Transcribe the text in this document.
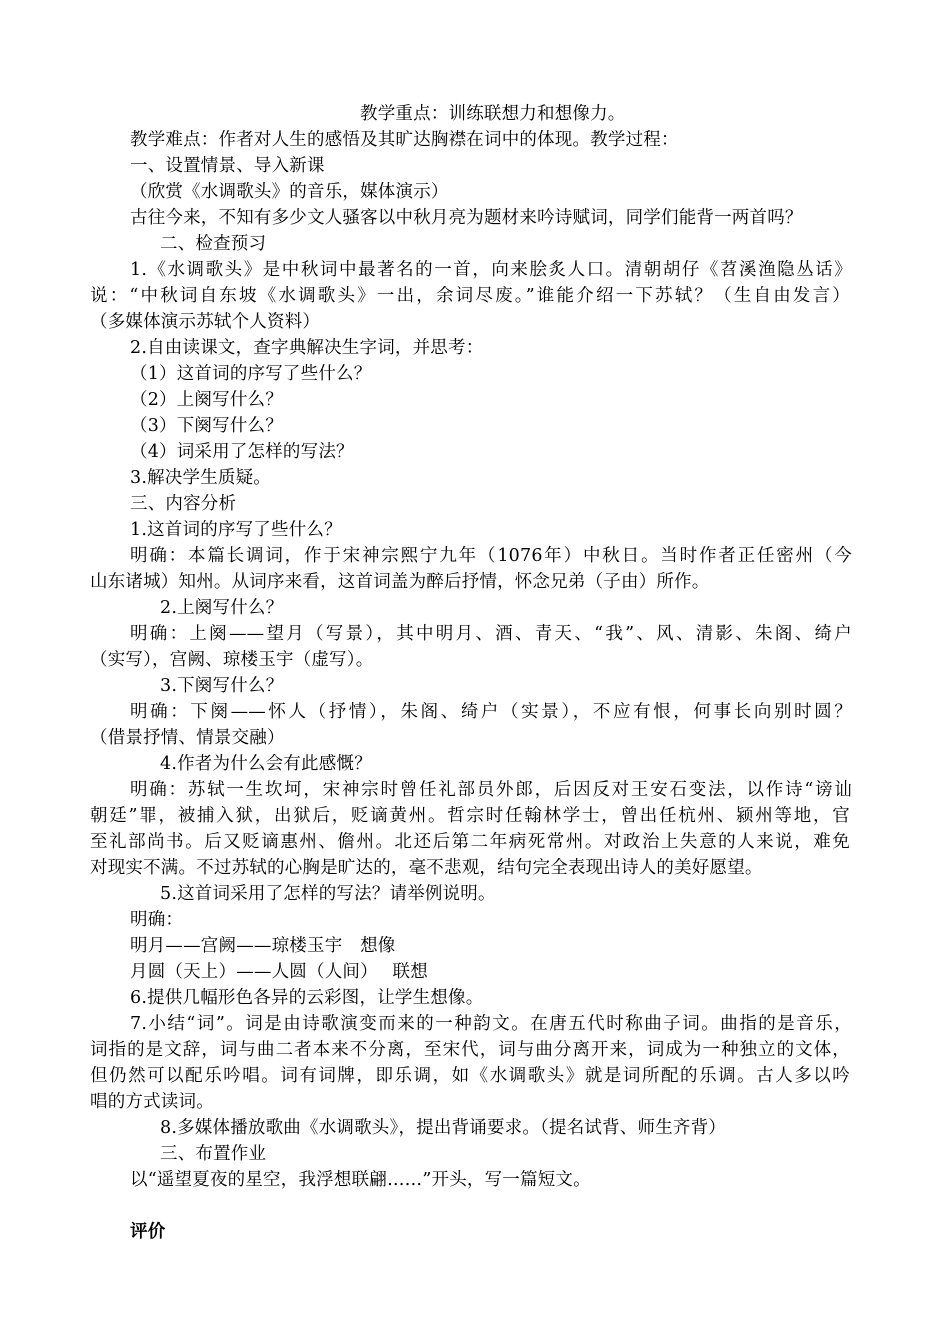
教学重点：训练联想力和想像力。
教学难点：作者对人生的感悟及其旷达胸襟在词中的体现。教学过程：
一、设置情景、导入新课
（欣赏《水调歌头》的音乐，媒体演示）
古往今来，不知有多少文人骚客以中秋月亮为题材来吟诗赋词，同学们能背一两首吗？
二、检查预习
1.《水调歌头》是中秋词中最著名的一首，向来脍炙人口。清朝胡仔《苕溪渔隐丛话》
说：“中秋词自东坡《水调歌头》一出，余词尽废。”谁能介绍一下苏轼？（生自由发言）
（多媒体演示苏轼个人资料）
2.自由读课文，查字典解决生字词，并思考：
（1）这首词的序写了些什么？
（2）上阕写什么？
（3）下阕写什么？
（4）词采用了怎样的写法？
3.解决学生质疑。
三、内容分析
1.这首词的序写了些什么？
明确：本篇长调词，作于宋神宗熙宁九年（1076年）中秋日。当时作者正任密州（今
山东诸城）知州。从词序来看，这首词盖为醉后抒情，怀念兄弟（子由）所作。
2.上阕写什么？
明确：上阕——望月（写景），其中明月、酒、青天、“我”、风、清影、朱阁、绮户
（实写），宫阙、琼楼玉宇（虚写）。
3.下阕写什么？
明确：下阕——怀人（抒情），朱阁、绮户（实景），不应有恨，何事长向别时圆？
（借景抒情、情景交融）
4.作者为什么会有此感慨？
明确：苏轼一生坎坷，宋神宗时曾任礼部员外郎，后因反对王安石变法，以作诗“谤讪
朝廷”罪，被捕入狱，出狱后，贬谪黄州。哲宗时任翰林学士，曾出任杭州、颍州等地，官
至礼部尚书。后又贬谪惠州、儋州。北还后第二年病死常州。对政治上失意的人来说，难免
对现实不满。不过苏轼的心胸是旷达的，毫不悲观，结句完全表现出诗人的美好愿望。
5.这首词采用了怎样的写法？请举例说明。
明确：
明月——宫阙——琼楼玉宇　想像
月圆（天上）——人圆（人间）　 联想
6.提供几幅形色各异的云彩图，让学生想像。
7.小结“词”。词是由诗歌演变而来的一种韵文。在唐五代时称曲子词。曲指的是音乐，
词指的是文辞，词与曲二者本来不分离，至宋代，词与曲分离开来，词成为一种独立的文体，
但仍然可以配乐吟唱。词有词牌，即乐调，如《水调歌头》就是词所配的乐调。古人多以吟
唱的方式读词。
8.多媒体播放歌曲《水调歌头》，提出背诵要求。（提名试背、师生齐背）
三、布置作业
以“遥望夏夜的星空，我浮想联翩……”开头，写一篇短文。
评价
